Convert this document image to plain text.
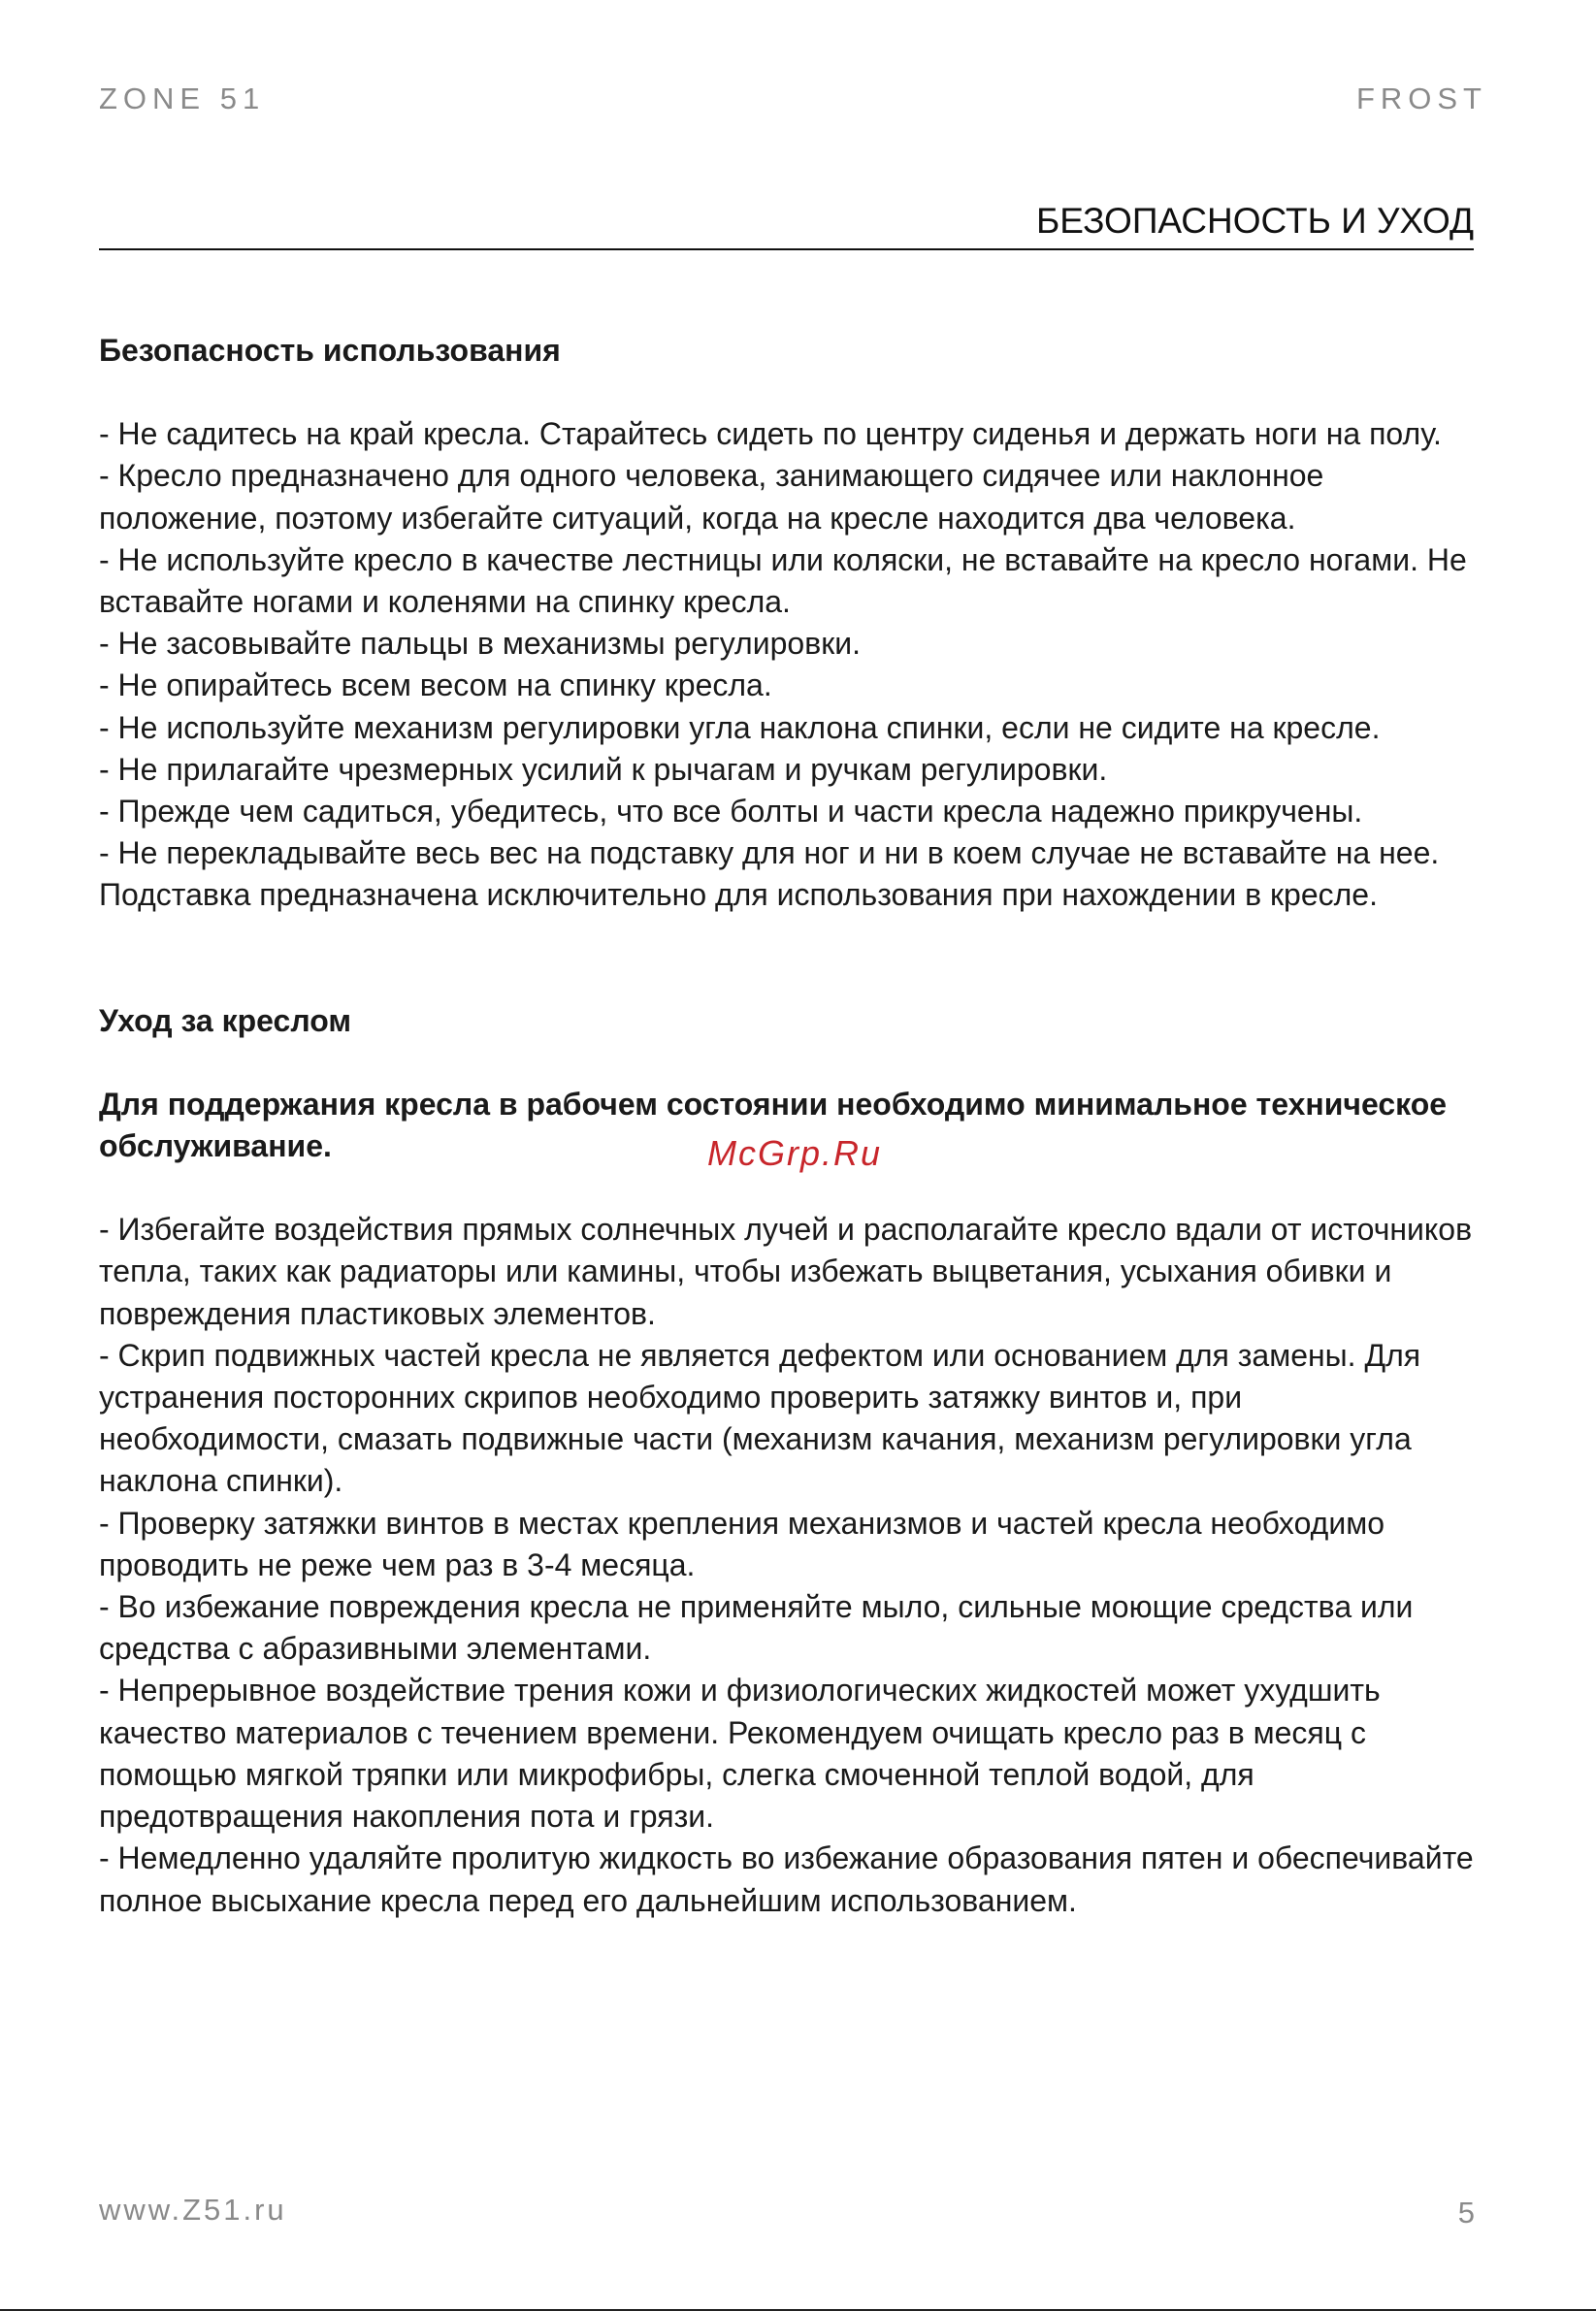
ZONE 51	FROST
БЕЗОПАСНОСТЬ И УХОД

Безопасность использования

- Не садитесь на край кресла. Старайтесь сидеть по центру сиденья и держать ноги на полу.
- Кресло предназначено для одного человека, занимающего сидячее или наклонное положение, поэтому избегайте ситуаций, когда на кресле находится два человека.
- Не используйте кресло в качестве лестницы или коляски, не вставайте на кресло ногами. Не вставайте ногами и коленями на спинку кресла.
- Не засовывайте пальцы в механизмы регулировки.
- Не опирайтесь всем весом на спинку кресла.
- Не используйте механизм регулировки угла наклона спинки, если не сидите на кресле.
- Не прилагайте чрезмерных усилий к рычагам и ручкам регулировки.
- Прежде чем садиться, убедитесь, что все болты и части кресла надежно прикручены.
- Не перекладывайте весь вес на подставку для ног и ни в коем случае не вставайте на нее. Подставка предназначена исключительно для использования при нахождении в кресле.

Уход за креслом

Для поддержания кресла в рабочем состоянии необходимо минимальное техническое обслуживание.

- Избегайте воздействия прямых солнечных лучей и располагайте кресло вдали от источников тепла, таких как радиаторы или камины, чтобы избежать выцветания, усыхания обивки и повреждения пластиковых элементов.
- Скрип подвижных частей кресла не является дефектом или основанием для замены. Для устранения посторонних скрипов необходимо проверить затяжку винтов и, при необходимости, смазать подвижные части (механизм качания, механизм регулировки угла наклона спинки).
- Проверку затяжки винтов в местах крепления механизмов и частей кресла необходимо проводить не реже чем раз в 3-4 месяца.
- Во избежание повреждения кресла не применяйте мыло, сильные моющие средства или средства с абразивными элементами.
- Непрерывное воздействие трения кожи и физиологических жидкостей может ухудшить качество материалов с течением времени. Рекомендуем очищать кресло раз в месяц с помощью мягкой тряпки или микрофибры, слегка смоченной теплой водой, для предотвращения накопления пота и грязи.
- Немедленно удаляйте пролитую жидкость во избежание образования пятен и обеспечивайте полное высыхание кресла перед его дальнейшим использованием.
McGrp.Ru
www.Z51.ru	5
